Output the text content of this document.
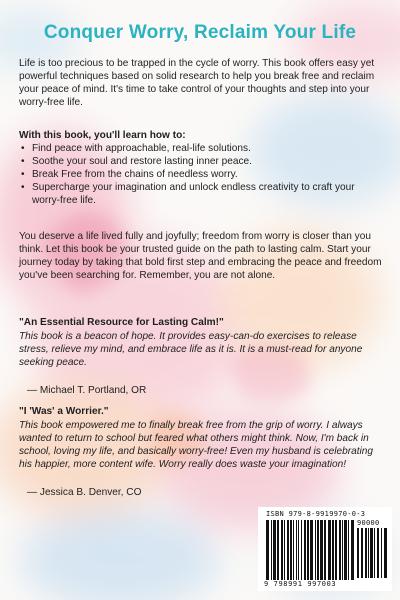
Conquer Worry, Reclaim Your Life
Life is too precious to be trapped in the cycle of worry. This book offers easy yet powerful techniques based on solid research to help you break free and reclaim your peace of mind. It's time to take control of your thoughts and step into your worry-free life.
With this book, you'll learn how to:
• Find peace with approachable, real-life solutions.
• Soothe your soul and restore lasting inner peace.
• Break Free from the chains of needless worry.
• Supercharge your imagination and unlock endless creativity to craft your worry-free life.
You deserve a life lived fully and joyfully; freedom from worry is closer than you think. Let this book be your trusted guide on the path to lasting calm. Start your journey today by taking that bold first step and embracing the peace and freedom you've been searching for. Remember, you are not alone.
"An Essential Resource for Lasting Calm!"
This book is a beacon of hope. It provides easy-can-do exercises to release stress, relieve my mind, and embrace life as it is. It is a must-read for anyone seeking peace.
— Michael T. Portland, OR
"I 'Was' a Worrier."
This book empowered me to finally break free from the grip of worry. I always wanted to return to school but feared what others might think. Now, I'm back in school, loving my life, and basically worry-free! Even my husband is celebrating his happier, more content wife. Worry really does waste your imagination!
— Jessica B. Denver, CO
ISBN 979-8-9919970-0-3
90000
9 798991 997003
